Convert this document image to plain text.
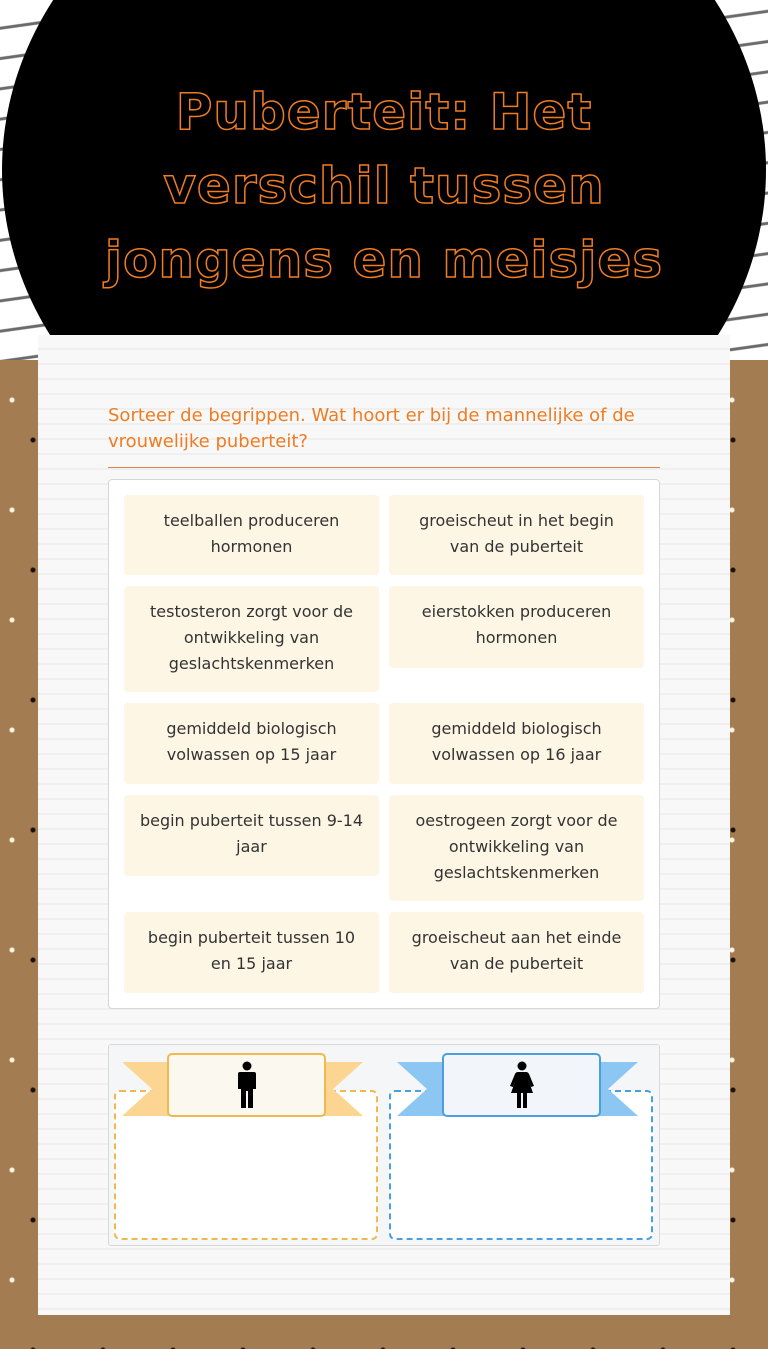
Puberteit: Het verschil tussen jongens en meisjes
Sorteer de begrippen. Wat hoort er bij de mannelijke of de vrouwelijke puberteit?
teelballen produceren hormonen
groeischeut in het begin van de puberteit
testosteron zorgt voor de ontwikkeling van geslachtskenmerken
eierstokken produceren hormonen
gemiddeld biologisch volwassen op 15 jaar
gemiddeld biologisch volwassen op 16 jaar
begin puberteit tussen 9-14 jaar
oestrogeen zorgt voor de ontwikkeling van geslachtskenmerken
begin puberteit tussen 10 en 15 jaar
groeischeut aan het einde van de puberteit
